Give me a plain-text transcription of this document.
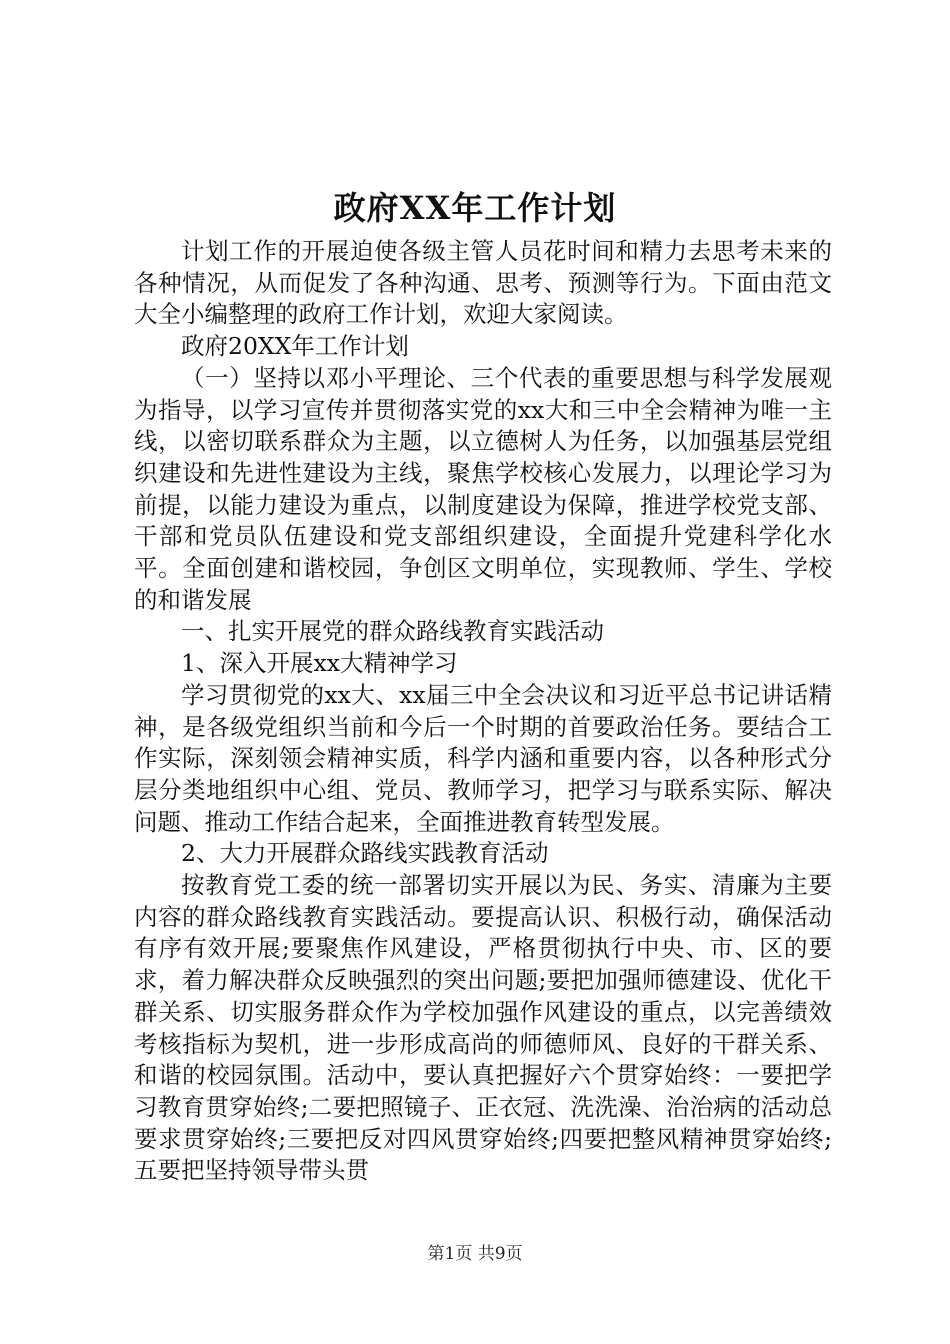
政府XX年工作计划

计划工作的开展迫使各级主管人员花时间和精力去思考未来的各种情况，从而促发了各种沟通、思考、预测等行为。下面由范文大全小编整理的政府工作计划，欢迎大家阅读。

政府20XX年工作计划

（一）坚持以邓小平理论、三个代表的重要思想与科学发展观为指导，以学习宣传并贯彻落实党的xx大和三中全会精神为唯一主线，以密切联系群众为主题，以立德树人为任务，以加强基层党组织建设和先进性建设为主线，聚焦学校核心发展力，以理论学习为前提，以能力建设为重点，以制度建设为保障，推进学校党支部、干部和党员队伍建设和党支部组织建设，全面提升党建科学化水平。全面创建和谐校园，争创区文明单位，实现教师、学生、学校的和谐发展

一、扎实开展党的群众路线教育实践活动

1、深入开展xx大精神学习

学习贯彻党的xx大、xx届三中全会决议和习近平总书记讲话精神，是各级党组织当前和今后一个时期的首要政治任务。要结合工作实际，深刻领会精神实质，科学内涵和重要内容，以各种形式分层分类地组织中心组、党员、教师学习，把学习与联系实际、解决问题、推动工作结合起来，全面推进教育转型发展。

2、大力开展群众路线实践教育活动

按教育党工委的统一部署切实开展以为民、务实、清廉为主要内容的群众路线教育实践活动。要提高认识、积极行动，确保活动有序有效开展;要聚焦作风建设，严格贯彻执行中央、市、区的要求，着力解决群众反映强烈的突出问题;要把加强师德建设、优化干群关系、切实服务群众作为学校加强作风建设的重点，以完善绩效考核指标为契机，进一步形成高尚的师德师风、良好的干群关系、和谐的校园氛围。活动中，要认真把握好六个贯穿始终：一要把学习教育贯穿始终;二要把照镜子、正衣冠、洗洗澡、治治病的活动总要求贯穿始终;三要把反对四风贯穿始终;四要把整风精神贯穿始终;五要把坚持领导带头贯

第1页 共9页
